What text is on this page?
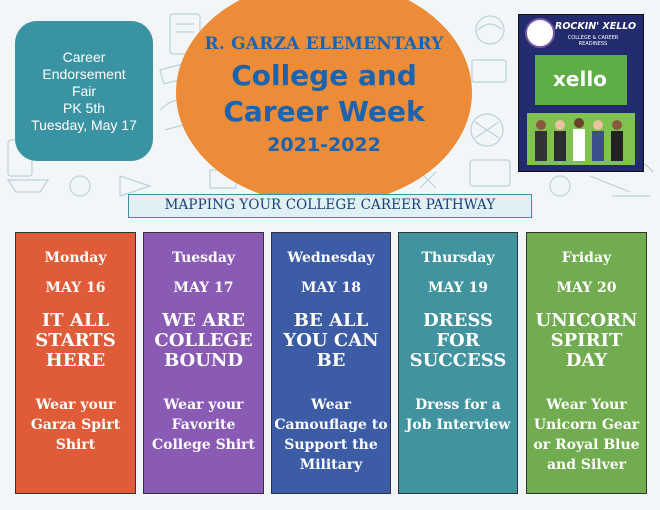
R. GARZA ELEMENTARY
College and
Career Week
2021-2022
Career
Endorsement
Fair
PK 5th
Tuesday, May 17
ROCKIN' XELLO
COLLEGE & CAREER READINESS
xello
MAPPING YOUR COLLEGE CAREER PATHWAY
Monday
MAY 16
IT ALL STARTS HERE
Wear your Garza Spirt Shirt
Tuesday
MAY 17
WE ARE COLLEGE BOUND
Wear your Favorite College Shirt
Wednesday
MAY 18
BE ALL YOU CAN BE
Wear Camouflage to Support the Military
Thursday
MAY 19
DRESS FOR SUCCESS
Dress for a Job Interview
Friday
MAY 20
UNICORN SPIRIT DAY
Wear Your Unicorn Gear or Royal Blue and Silver
